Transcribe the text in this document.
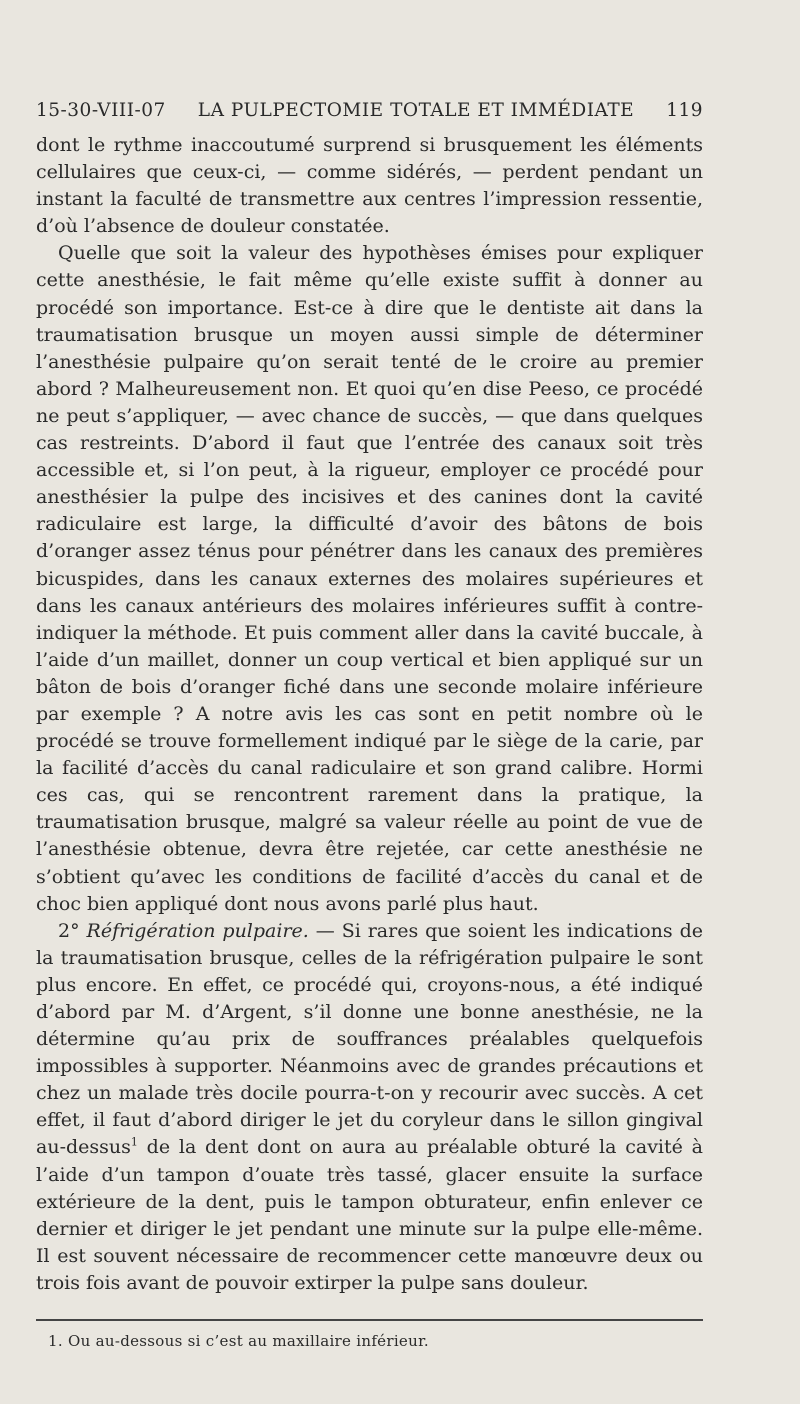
15-30-VIII-07 LA PULPECTOMIE TOTALE ET IMMÉDIATE 119

dont le rythme inaccoutumé surprend si brusquement les éléments cellulaires que ceux-ci, — comme sidérés, — perdent pendant un instant la faculté de transmettre aux centres l’impression ressentie, d’où l’absence de douleur constatée.

Quelle que soit la valeur des hypothèses émises pour expliquer cette anesthésie, le fait même qu’elle existe suffit à donner au procédé son importance. Est-ce à dire que le dentiste ait dans la traumatisation brusque un moyen aussi simple de déterminer l’anesthésie pulpaire qu’on serait tenté de le croire au premier abord ? Malheureusement non. Et quoi qu’en dise Peeso, ce procédé ne peut s’appliquer, — avec chance de succès, — que dans quelques cas restreints. D’abord il faut que l’entrée des canaux soit très accessible et, si l’on peut, à la rigueur, employer ce procédé pour anesthésier la pulpe des incisives et des canines dont la cavité radiculaire est large, la difficulté d’avoir des bâtons de bois d’oranger assez ténus pour pénétrer dans les canaux des premières bicuspides, dans les canaux externes des molaires supérieures et dans les canaux antérieurs des molaires inférieures suffit à contre-indiquer la méthode. Et puis comment aller dans la cavité buccale, à l’aide d’un maillet, donner un coup vertical et bien appliqué sur un bâton de bois d’oranger fiché dans une seconde molaire inférieure par exemple ? A notre avis les cas sont en petit nombre où le procédé se trouve formellement indiqué par le siège de la carie, par la facilité d’accès du canal radiculaire et son grand calibre. Hormi ces cas, qui se rencontrent rarement dans la pratique, la traumatisation brusque, malgré sa valeur réelle au point de vue de l’anesthésie obtenue, devra être rejetée, car cette anesthésie ne s’obtient qu’avec les conditions de facilité d’accès du canal et de choc bien appliqué dont nous avons parlé plus haut.

2° Réfrigération pulpaire. — Si rares que soient les indications de la traumatisation brusque, celles de la réfrigération pulpaire le sont plus encore. En effet, ce procédé qui, croyons-nous, a été indiqué d’abord par M. d’Argent, s’il donne une bonne anesthésie, ne la détermine qu’au prix de souffrances préalables quelquefois impossibles à supporter. Néanmoins avec de grandes précautions et chez un malade très docile pourra-t-on y recourir avec succès. A cet effet, il faut d’abord diriger le jet du coryleur dans le sillon gingival au-dessus$^1$ de la dent dont on aura au préalable obturé la cavité à l’aide d’un tampon d’ouate très tassé, glacer ensuite la surface extérieure de la dent, puis le tampon obturateur, enfin enlever ce dernier et diriger le jet pendant une minute sur la pulpe elle-même. Il est souvent nécessaire de recommencer cette manœuvre deux ou trois fois avant de pouvoir extirper la pulpe sans douleur.

1. Ou au-dessous si c’est au maxillaire inférieur.
